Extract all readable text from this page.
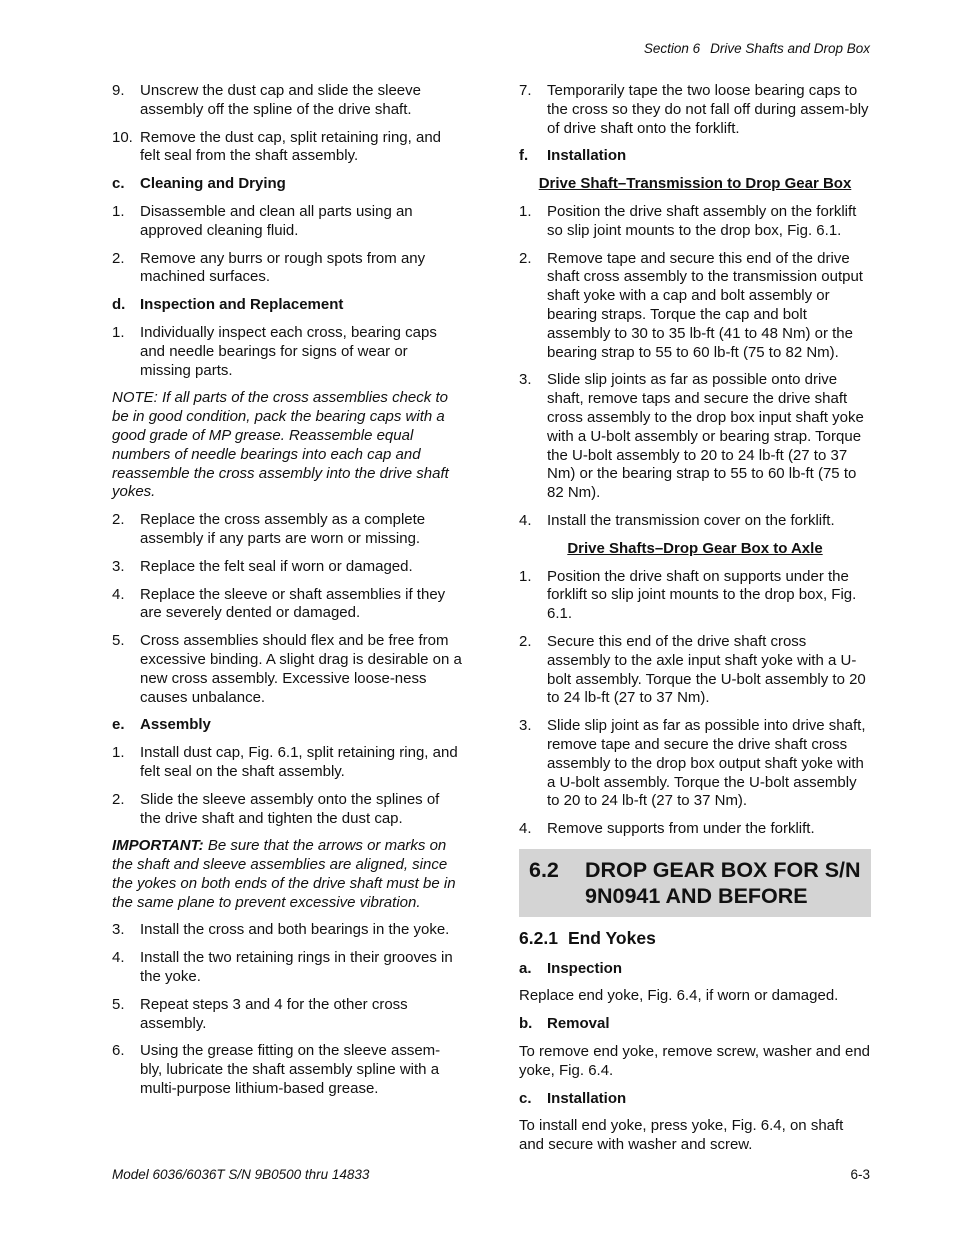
Section 6 Drive Shafts and Drop Box
9.	Unscrew the dust cap and slide the sleeve assembly off the spline of the drive shaft.
10. Remove the dust cap, split retaining ring, and felt seal from the shaft assembly.
c. Cleaning and Drying
1.	Disassemble and clean all parts using an approved cleaning fluid.
2.	Remove any burrs or rough spots from any machined surfaces.
d. Inspection and Replacement
1.	Individually inspect each cross, bearing caps and needle bearings for signs of wear or missing parts.
NOTE: If all parts of the cross assemblies check to be in good condition, pack the bearing caps with a good grade of MP grease. Reassemble equal numbers of needle bearings into each cap and reassemble the cross assembly into the drive shaft yokes.
2.	Replace the cross assembly as a complete assembly if any parts are worn or missing.
3.	Replace the felt seal if worn or damaged.
4.	Replace the sleeve or shaft assemblies if they are severely dented or damaged.
5.	Cross assemblies should flex and be free from excessive binding. A slight drag is desirable on a new cross assembly. Excessive loose-ness causes unbalance.
e. Assembly
1.	Install dust cap, Fig. 6.1, split retaining ring, and felt seal on the shaft assembly.
2.	Slide the sleeve assembly onto the splines of the drive shaft and tighten the dust cap.
IMPORTANT: Be sure that the arrows or marks on the shaft and sleeve assemblies are aligned, since the yokes on both ends of the drive shaft must be in the same plane to prevent excessive vibration.
3.	Install the cross and both bearings in the yoke.
4.	Install the two retaining rings in their grooves in the yoke.
5.	Repeat steps 3 and 4 for the other cross assembly.
6.	Using the grease fitting on the sleeve assem-bly, lubricate the shaft assembly spline with a multi-purpose lithium-based grease.
7.	Temporarily tape the two loose bearing caps to the cross so they do not fall off during assem-bly of drive shaft onto the forklift.
f. Installation
Drive Shaft–Transmission to Drop Gear Box
1.	Position the drive shaft assembly on the forklift so slip joint mounts to the drop box, Fig. 6.1.
2.	Remove tape and secure this end of the drive shaft cross assembly to the transmission output shaft yoke with a cap and bolt assembly or bearing straps. Torque the cap and bolt assembly to 30 to 35 lb-ft (41 to 48 Nm) or the bearing strap to 55 to 60 lb-ft (75 to 82 Nm).
3.	Slide slip joints as far as possible onto drive shaft, remove taps and secure the drive shaft cross assembly to the drop box input shaft yoke with a U-bolt assembly or bearing strap. Torque the U-bolt assembly to 20 to 24 lb-ft (27 to 37 Nm) or the bearing strap to 55 to 60 lb-ft (75 to 82 Nm).
4.	Install the transmission cover on the forklift.
Drive Shafts–Drop Gear Box to Axle
1.	Position the drive shaft on supports under the forklift so slip joint mounts to the drop box, Fig. 6.1.
2.	Secure this end of the drive shaft cross assembly to the axle input shaft yoke with a U-bolt assembly. Torque the U-bolt assembly to 20 to 24 lb-ft (27 to 37 Nm).
3.	Slide slip joint as far as possible into drive shaft, remove tape and secure the drive shaft cross assembly to the drop box output shaft yoke with a U-bolt assembly. Torque the U-bolt assembly to 20 to 24 lb-ft (27 to 37 Nm).
4.	Remove supports from under the forklift.
6.2	DROP GEAR BOX FOR S/N 9N0941 AND BEFORE
6.2.1 End Yokes
a. Inspection
Replace end yoke, Fig. 6.4, if worn or damaged.
b. Removal
To remove end yoke, remove screw, washer and end yoke, Fig. 6.4.
c. Installation
To install end yoke, press yoke, Fig. 6.4, on shaft and secure with washer and screw.
Model 6036/6036T S/N 9B0500 thru 14833	6-3
